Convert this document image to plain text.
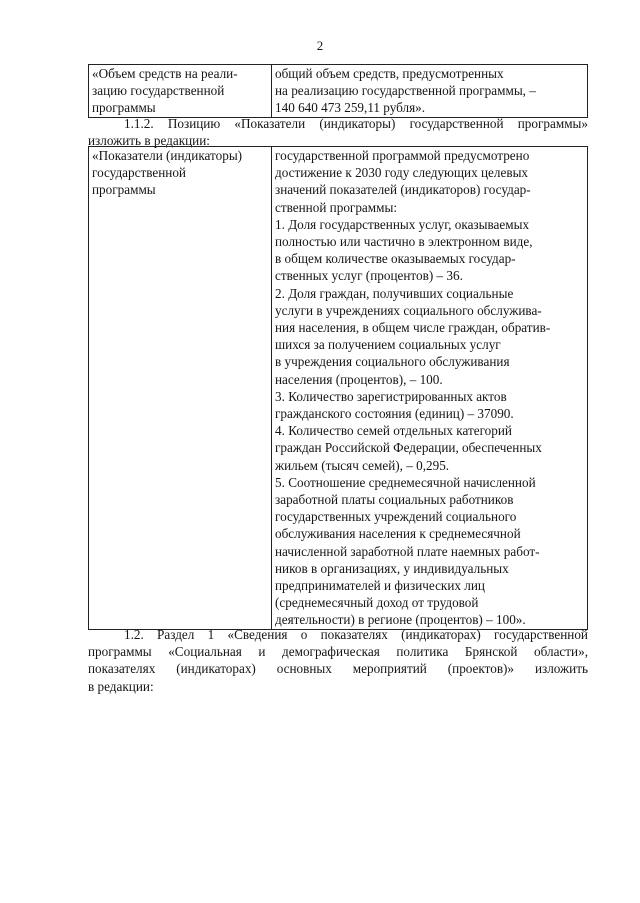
2
«Объем средств на реали-
зацию государственной
программы

общий объем средств, предусмотренных
на реализацию государственной программы, –
140 640 473 259,11 рубля».
1.1.2. Позицию «Показатели (индикаторы) государственной программы»
изложить в редакции:
«Показатели (индикаторы)
государственной
программы

государственной программой предусмотрено
достижение к 2030 году следующих целевых
значений показателей (индикаторов) государ-
ственной программы:
1. Доля государственных услуг, оказываемых
полностью или частично в электронном виде,
в общем количестве оказываемых государ-
ственных услуг (процентов) – 36.
2. Доля граждан, получивших социальные
услуги в учреждениях социального обслужива-
ния населения, в общем числе граждан, обратив-
шихся за получением социальных услуг
в учреждения социального обслуживания
населения (процентов), – 100.
3. Количество зарегистрированных актов
гражданского состояния (единиц) – 37090.
4. Количество семей отдельных категорий
граждан Российской Федерации, обеспеченных
жильем (тысяч семей), – 0,295.
5. Соотношение среднемесячной начисленной
заработной платы социальных работников
государственных учреждений социального
обслуживания населения к среднемесячной
начисленной заработной плате наемных работ-
ников в организациях, у индивидуальных
предпринимателей и физических лиц
(среднемесячный доход от трудовой
деятельности) в регионе (процентов) – 100».
1.2. Раздел 1 «Сведения о показателях (индикаторах) государственной
программы «Социальная и демографическая политика Брянской области»,
показателях (индикаторах) основных мероприятий (проектов)» изложить
в редакции:
